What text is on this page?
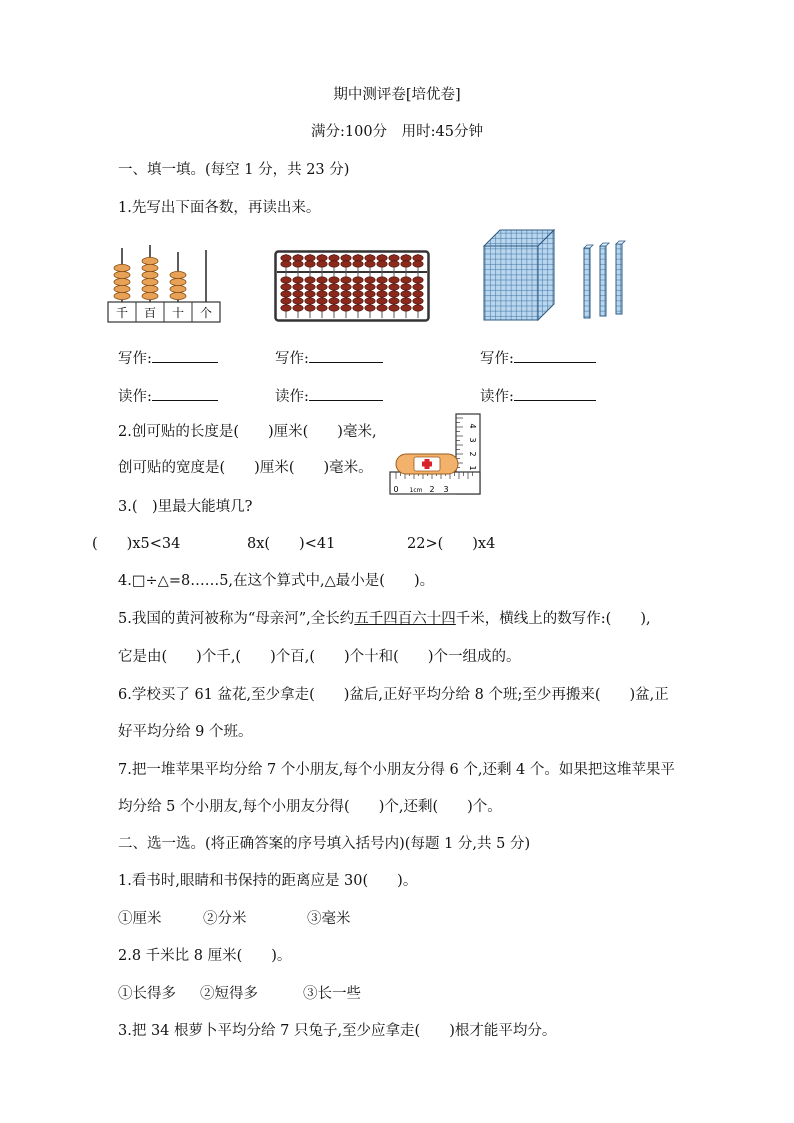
期中测评卷[培优卷]
满分:100分　用时:45分钟
一、填一填。(每空 1 分，共 23 分)
1.先写出下面各数，再读出来。
千 百 十 个
写作:	写作:	写作:
读作:	读作:	读作:
2.创可贴的长度是(　　)厘米(　　)毫米,
创可贴的宽度是(　　)厘米(　　)毫米。
4
3
2
1
0 1cm 2 3
3.(　)里最大能填几?
(　　)x5<34	8x(　　)<41	22>(　　)x4
4.□÷△=8……5,在这个算式中,△最小是(　　)。
5.我国的黄河被称为“母亲河”,全长约五千四百六十四千米，横线上的数写作:(　　),
它是由(　　)个千,(　　)个百,(　　)个十和(　　)个一组成的。
6.学校买了 61 盆花,至少拿走(　　)盆后,正好平均分给 8 个班;至少再搬来(　　)盆,正
好平均分给 9 个班。
7.把一堆苹果平均分给 7 个小朋友,每个小朋友分得 6 个,还剩 4 个。如果把这堆苹果平
均分给 5 个小朋友,每个小朋友分得(　　)个,还剩(　　)个。
二、选一选。(将正确答案的序号填入括号内)(每题 1 分,共 5 分)
1.看书时,眼睛和书保持的距离应是 30(　　)。
①厘米	②分米	③毫米
2.8 千米比 8 厘米(　　)。
①长得多 ②短得多	③长一些
3.把 34 根萝卜平均分给 7 只兔子,至少应拿走(　　)根才能平均分。
